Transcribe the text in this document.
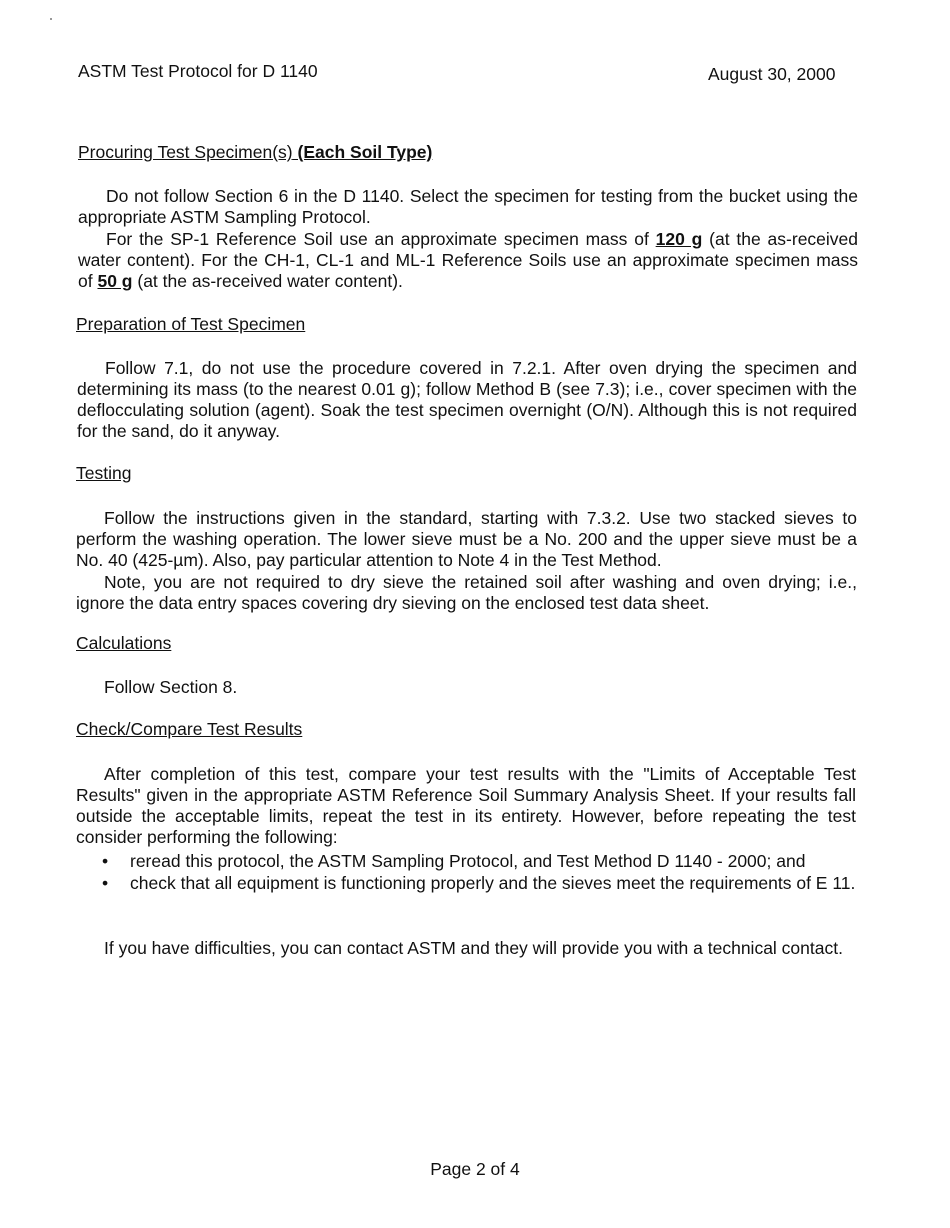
ASTM Test Protocol for D 1140	August 30, 2000
Procuring Test Specimen(s) (Each Soil Type)
Do not follow Section 6 in the D 1140. Select the specimen for testing from the bucket using the appropriate ASTM Sampling Protocol.
For the SP-1 Reference Soil use an approximate specimen mass of 120 g (at the as-received water content). For the CH-1, CL-1 and ML-1 Reference Soils use an approximate specimen mass of 50 g (at the as-received water content).
Preparation of Test Specimen
Follow 7.1, do not use the procedure covered in 7.2.1. After oven drying the specimen and determining its mass (to the nearest 0.01 g); follow Method B (see 7.3); i.e., cover specimen with the deflocculating solution (agent). Soak the test specimen overnight (O/N). Although this is not required for the sand, do it anyway.
Testing
Follow the instructions given in the standard, starting with 7.3.2. Use two stacked sieves to perform the washing operation. The lower sieve must be a No. 200 and the upper sieve must be a No. 40 (425-µm). Also, pay particular attention to Note 4 in the Test Method.
Note, you are not required to dry sieve the retained soil after washing and oven drying; i.e., ignore the data entry spaces covering dry sieving on the enclosed test data sheet.
Calculations
Follow Section 8.
Check/Compare Test Results
After completion of this test, compare your test results with the "Limits of Acceptable Test Results" given in the appropriate ASTM Reference Soil Summary Analysis Sheet. If your results fall outside the acceptable limits, repeat the test in its entirety. However, before repeating the test consider performing the following:
• reread this protocol, the ASTM Sampling Protocol, and Test Method D 1140 - 2000; and
• check that all equipment is functioning properly and the sieves meet the requirements of E 11.
If you have difficulties, you can contact ASTM and they will provide you with a technical contact.
Page 2 of 4
